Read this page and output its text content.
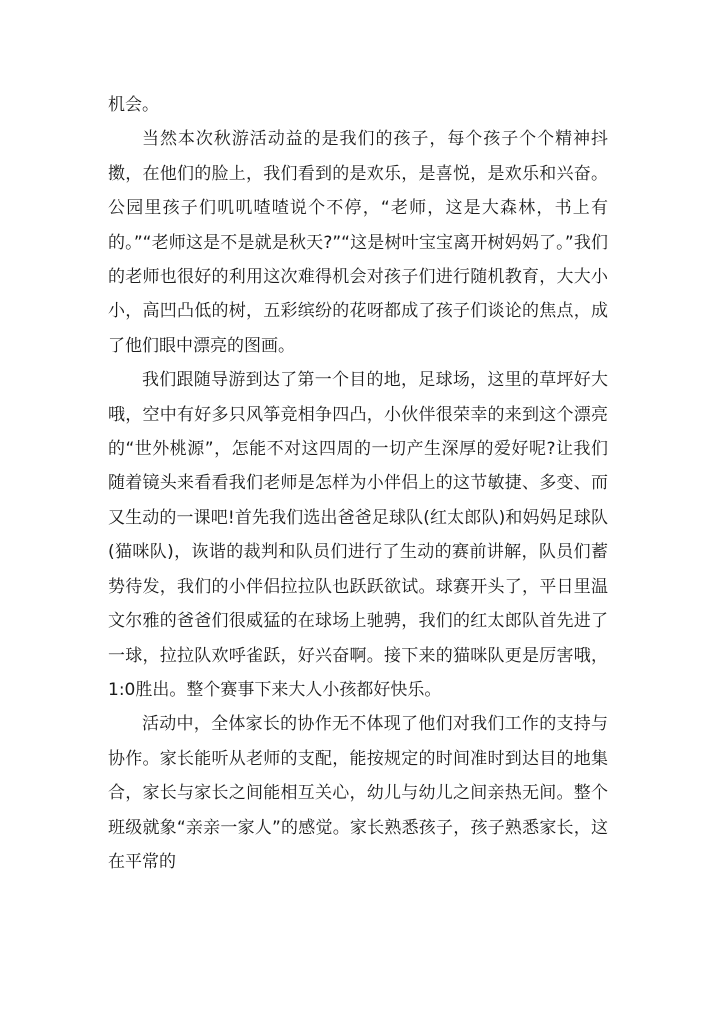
机会。

当然本次秋游活动益的是我们的孩子，每个孩子个个精神抖擞，在他们的脸上，我们看到的是欢乐，是喜悦，是欢乐和兴奋。公园里孩子们叽叽喳喳说个不停，“老师，这是大森林，书上有的。”“老师这是不是就是秋天?”“这是树叶宝宝离开树妈妈了。”我们的老师也很好的利用这次难得机会对孩子们进行随机教育，大大小小，高凹凸低的树，五彩缤纷的花呀都成了孩子们谈论的焦点，成了他们眼中漂亮的图画。

我们跟随导游到达了第一个目的地，足球场，这里的草坪好大哦，空中有好多只风筝竞相争四凸，小伙伴很荣幸的来到这个漂亮的“世外桃源”，怎能不对这四周的一切产生深厚的爱好呢?让我们随着镜头来看看我们老师是怎样为小伴侣上的这节敏捷、多变、而又生动的一课吧!首先我们选出爸爸足球队(红太郎队)和妈妈足球队(猫咪队)，诙谐的裁判和队员们进行了生动的赛前讲解，队员们蓄势待发，我们的小伴侣拉拉队也跃跃欲试。球赛开头了，平日里温文尔雅的爸爸们很威猛的在球场上驰骋，我们的红太郎队首先进了一球，拉拉队欢呼雀跃，好兴奋啊。接下来的猫咪队更是厉害哦，1:0胜出。整个赛事下来大人小孩都好快乐。

活动中，全体家长的协作无不体现了他们对我们工作的支持与协作。家长能听从老师的支配，能按规定的时间准时到达目的地集合，家长与家长之间能相互关心，幼儿与幼儿之间亲热无间。整个班级就象“亲亲一家人”的感觉。家长熟悉孩子，孩子熟悉家长，这在平常的
